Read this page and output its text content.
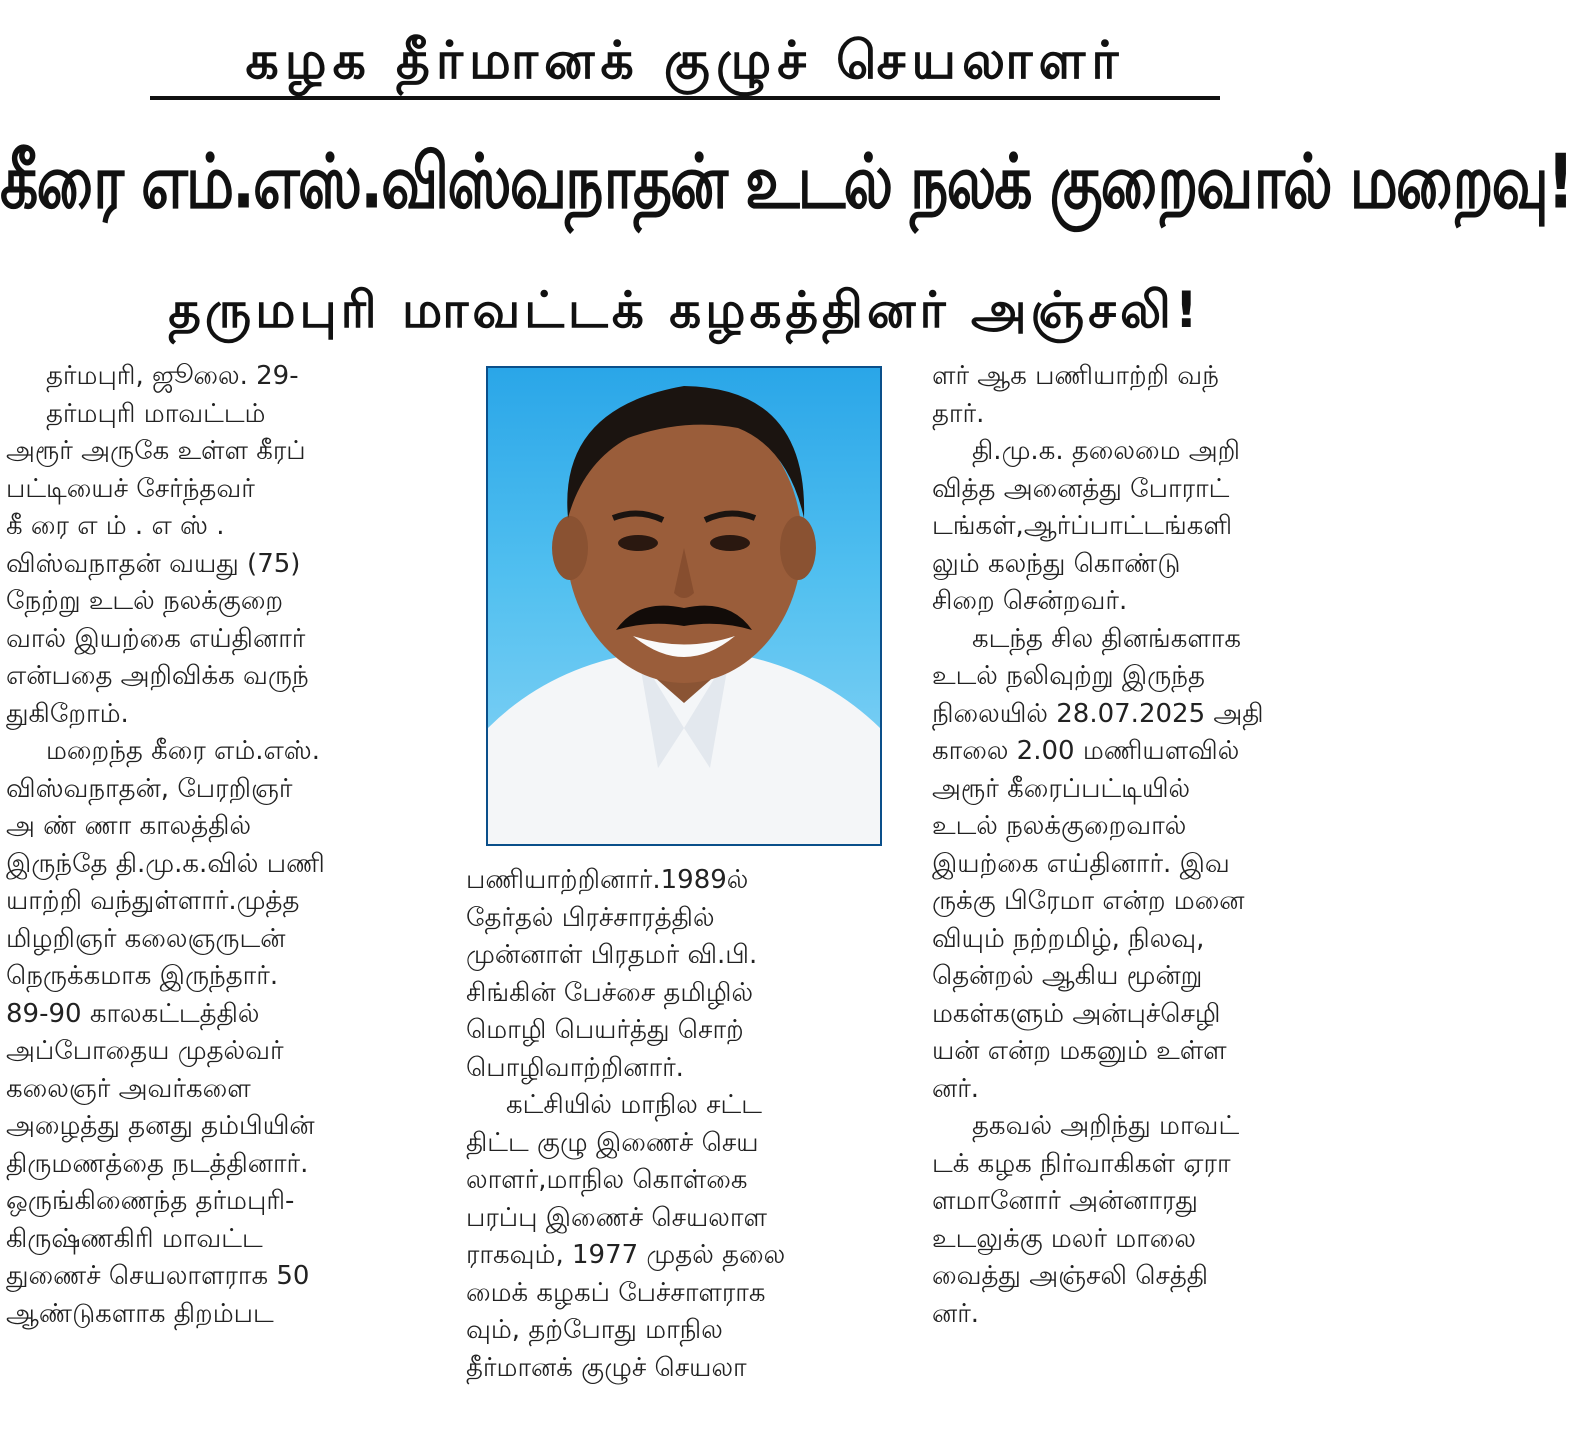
கழக தீர்மானக் குழுச் செயலாளர்
கீரை எம்.எஸ்.விஸ்வநாதன் உடல் நலக் குறைவால் மறைவு!
தருமபுரி மாவட்டக் கழகத்தினர் அஞ்சலி!
தர்மபுரி, ஜூலை. 29-
தர்மபுரி மாவட்டம்
அரூர் அருகே உள்ள கீரப்
பட்டியைச் சேர்ந்தவர்
கீ ரை எ ம் . எ ஸ் .
விஸ்வநாதன் வயது (75)
நேற்று உடல் நலக்குறை
வால் இயற்கை எய்தினார்
என்பதை அறிவிக்க வருந்
துகிறோம்.
மறைந்த கீரை எம்.எஸ்.
விஸ்வநாதன், பேரறிஞர்
அ ண் ணா காலத்தில்
இருந்தே தி.மு.க.வில் பணி
யாற்றி வந்துள்ளார்.முத்த
மிழறிஞர் கலைஞருடன்
நெருக்கமாக இருந்தார்.
89-90 காலகட்டத்தில்
அப்போதைய முதல்வர்
கலைஞர் அவர்களை
அழைத்து தனது தம்பியின்
திருமணத்தை நடத்தினார்.
ஒருங்கிணைந்த தர்மபுரி-
கிருஷ்ணகிரி மாவட்ட
துணைச் செயலாளராக 50
ஆண்டுகளாக திறம்பட
பணியாற்றினார்.1989ல்
தேர்தல் பிரச்சாரத்தில்
முன்னாள் பிரதமர் வி.பி.
சிங்கின் பேச்சை தமிழில்
மொழி பெயர்த்து சொற்
பொழிவாற்றினார்.
கட்சியில் மாநில சட்ட
திட்ட குழு இணைச் செய
லாளர்,மாநில கொள்கை
பரப்பு இணைச் செயலாள
ராகவும், 1977 முதல் தலை
மைக் கழகப் பேச்சாளராக
வும், தற்போது மாநில
தீர்மானக் குழுச் செயலா
ளர் ஆக பணியாற்றி வந்
தார்.
தி.மு.க. தலைமை அறி
வித்த அனைத்து போராட்
டங்கள்,ஆர்ப்பாட்டங்களி
லும் கலந்து கொண்டு
சிறை சென்றவர்.
கடந்த சில தினங்களாக
உடல் நலிவுற்று இருந்த
நிலையில் 28.07.2025 அதி
காலை 2.00 மணியளவில்
அரூர் கீரைப்பட்டியில்
உடல் நலக்குறைவால்
இயற்கை எய்தினார். இவ
ருக்கு பிரேமா என்ற மனை
வியும் நற்றமிழ், நிலவு,
தென்றல் ஆகிய மூன்று
மகள்களும் அன்புச்செழி
யன் என்ற மகனும் உள்ள
னர்.
தகவல் அறிந்து மாவட்
டக் கழக நிர்வாகிகள் ஏரா
ளமானோர் அன்னாரது
உடலுக்கு மலர் மாலை
வைத்து அஞ்சலி செத்தி
னர்.
